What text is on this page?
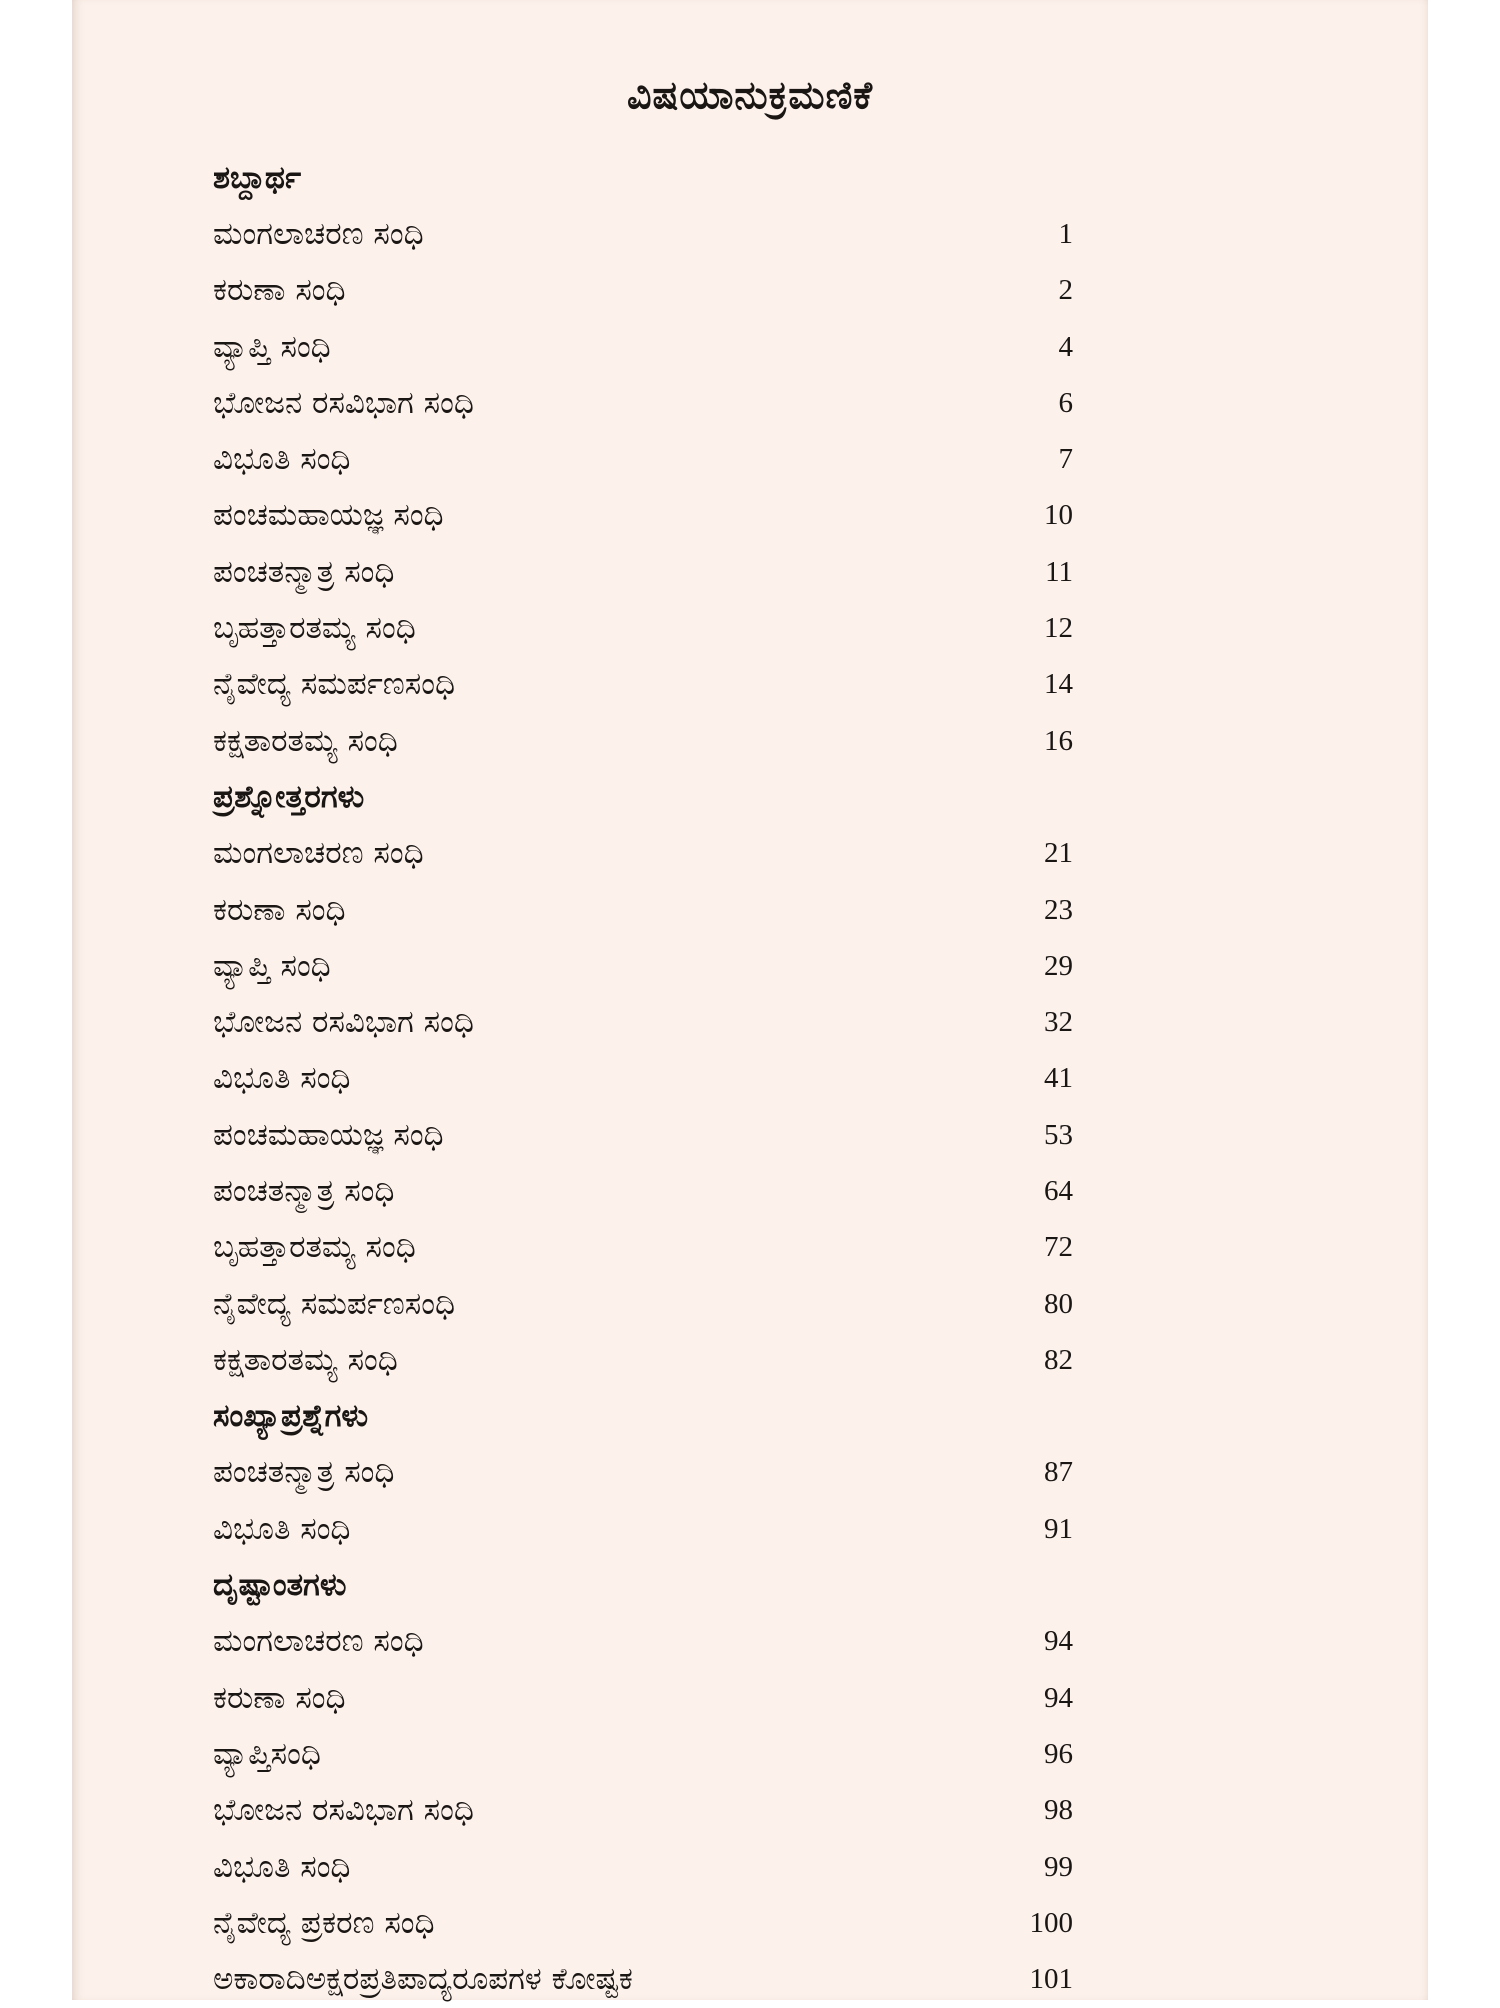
ವಿಷಯಾನುಕ್ರಮಣಿಕೆ
ಶಬ್ದಾರ್ಥ
ಮಂಗಲಾಚರಣ ಸಂಧಿ	1
ಕರುಣಾ ಸಂಧಿ	2
ವ್ಯಾಪ್ತಿ ಸಂಧಿ	4
ಭೋಜನ ರಸವಿಭಾಗ ಸಂಧಿ	6
ವಿಭೂತಿ ಸಂಧಿ	7
ಪಂಚಮಹಾಯಜ್ಞ ಸಂಧಿ	10
ಪಂಚತನ್ಮಾತ್ರ ಸಂಧಿ	11
ಬೃಹತ್ತಾರತಮ್ಯ ಸಂಧಿ	12
ನೈವೇದ್ಯ ಸಮರ್ಪಣಸಂಧಿ	14
ಕಕ್ಷತಾರತಮ್ಯ ಸಂಧಿ	16
ಪ್ರಶ್ನೋತ್ತರಗಳು
ಮಂಗಲಾಚರಣ ಸಂಧಿ	21
ಕರುಣಾ ಸಂಧಿ	23
ವ್ಯಾಪ್ತಿ ಸಂಧಿ	29
ಭೋಜನ ರಸವಿಭಾಗ ಸಂಧಿ	32
ವಿಭೂತಿ ಸಂಧಿ	41
ಪಂಚಮಹಾಯಜ್ಞ ಸಂಧಿ	53
ಪಂಚತನ್ಮಾತ್ರ ಸಂಧಿ	64
ಬೃಹತ್ತಾರತಮ್ಯ ಸಂಧಿ	72
ನೈವೇದ್ಯ ಸಮರ್ಪಣಸಂಧಿ	80
ಕಕ್ಷತಾರತಮ್ಯ ಸಂಧಿ	82
ಸಂಖ್ಯಾಪ್ರಶ್ನೆಗಳು
ಪಂಚತನ್ಮಾತ್ರ ಸಂಧಿ	87
ವಿಭೂತಿ ಸಂಧಿ	91
ದೃಷ್ಟಾಂತಗಳು
ಮಂಗಲಾಚರಣ ಸಂಧಿ	94
ಕರುಣಾ ಸಂಧಿ	94
ವ್ಯಾಪ್ತಿಸಂಧಿ	96
ಭೋಜನ ರಸವಿಭಾಗ ಸಂಧಿ	98
ವಿಭೂತಿ ಸಂಧಿ	99
ನೈವೇದ್ಯ ಪ್ರಕರಣ ಸಂಧಿ	100
ಅಕಾರಾದಿಅಕ್ಷರಪ್ರತಿಪಾದ್ಯರೂಪಗಳ ಕೋಷ್ಟಕ	101
